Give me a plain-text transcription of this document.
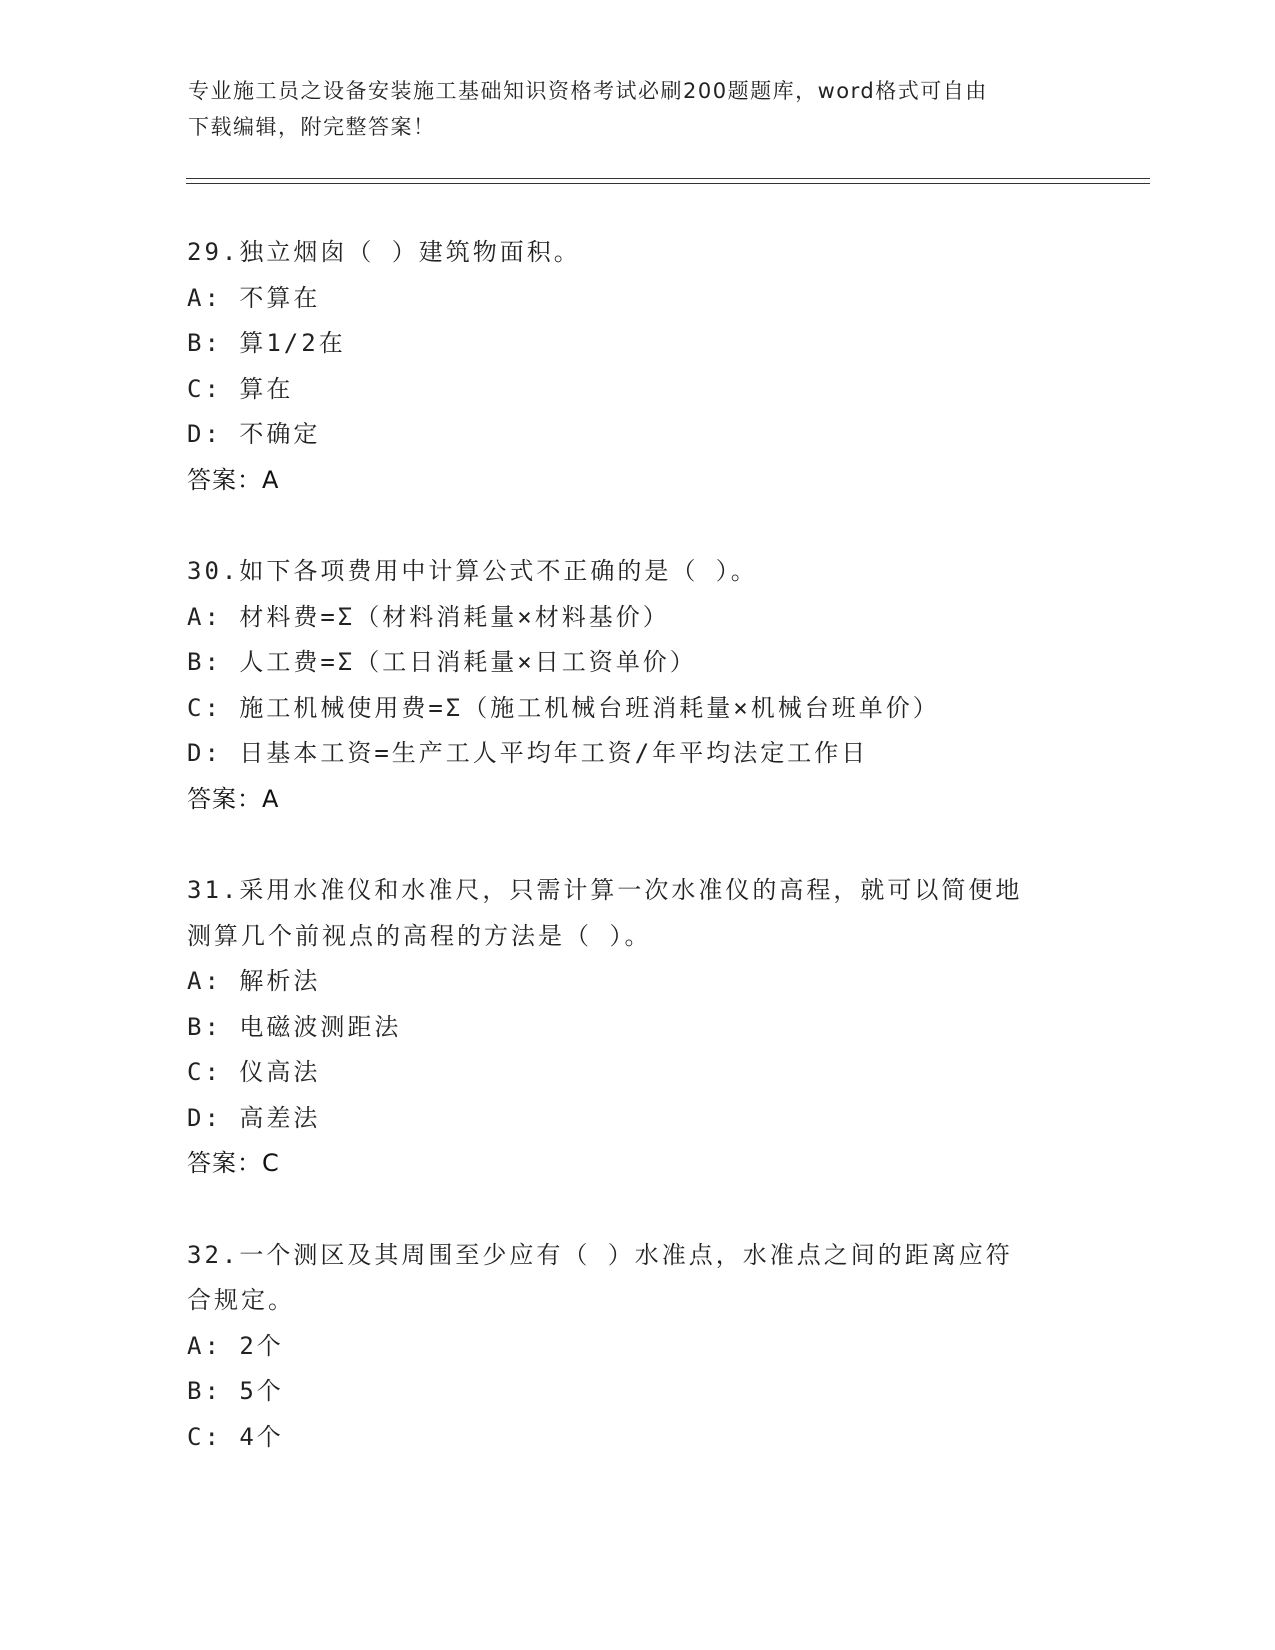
专业施工员之设备安装施工基础知识资格考试必刷200题题库，word格式可自由
下载编辑，附完整答案！
29.独立烟囱（ ）建筑物面积。
A: 不算在
B: 算1/2在
C: 算在
D: 不确定
答案：A
30.如下各项费用中计算公式不正确的是（ ）。
A: 材料费=Σ（材料消耗量×材料基价）
B: 人工费=Σ（工日消耗量×日工资单价）
C: 施工机械使用费=Σ（施工机械台班消耗量×机械台班单价）
D: 日基本工资=生产工人平均年工资/年平均法定工作日
答案：A
31.采用水准仪和水准尺，只需计算一次水准仪的高程，就可以简便地
测算几个前视点的高程的方法是（ ）。
A: 解析法
B: 电磁波测距法
C: 仪高法
D: 高差法
答案：C
32.一个测区及其周围至少应有（ ）水准点，水准点之间的距离应符
合规定。
A: 2个
B: 5个
C: 4个
